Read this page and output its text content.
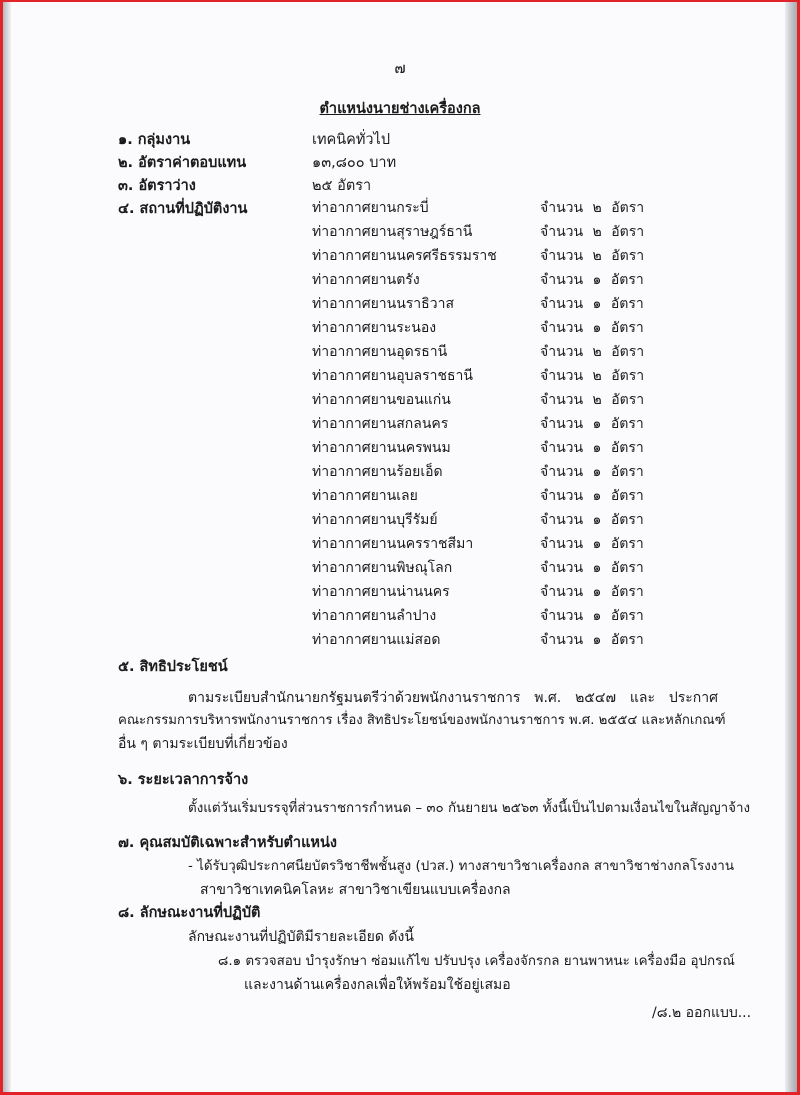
๗
ตำแหน่งนายช่างเครื่องกล
๑. กลุ่มงาน	เทคนิคทั่วไป
๒. อัตราค่าตอบแทน	๑๓,๘๐๐ บาท
๓. อัตราว่าง	๒๕ อัตรา
๔. สถานที่ปฏิบัติงาน	ท่าอากาศยานกระบี่	จำนวน ๒ อัตรา
ท่าอากาศยานสุราษฎร์ธานี	จำนวน ๒ อัตรา
ท่าอากาศยานนครศรีธรรมราช	จำนวน ๒ อัตรา
ท่าอากาศยานตรัง	จำนวน ๑ อัตรา
ท่าอากาศยานนราธิวาส	จำนวน ๑ อัตรา
ท่าอากาศยานระนอง	จำนวน ๑ อัตรา
ท่าอากาศยานอุดรธานี	จำนวน ๒ อัตรา
ท่าอากาศยานอุบลราชธานี	จำนวน ๒ อัตรา
ท่าอากาศยานขอนแก่น	จำนวน ๒ อัตรา
ท่าอากาศยานสกลนคร	จำนวน ๑ อัตรา
ท่าอากาศยานนครพนม	จำนวน ๑ อัตรา
ท่าอากาศยานร้อยเอ็ด	จำนวน ๑ อัตรา
ท่าอากาศยานเลย	จำนวน ๑ อัตรา
ท่าอากาศยานบุรีรัมย์	จำนวน ๑ อัตรา
ท่าอากาศยานนครราชสีมา	จำนวน ๑ อัตรา
ท่าอากาศยานพิษณุโลก	จำนวน ๑ อัตรา
ท่าอากาศยานน่านนคร	จำนวน ๑ อัตรา
ท่าอากาศยานลำปาง	จำนวน ๑ อัตรา
ท่าอากาศยานแม่สอด	จำนวน ๑ อัตรา
๕. สิทธิประโยชน์
ตามระเบียบสำนักนายกรัฐมนตรีว่าด้วยพนักงานราชการ พ.ศ. ๒๕๔๗ และ ประกาศ
คณะกรรมการบริหารพนักงานราชการ เรื่อง สิทธิประโยชน์ของพนักงานราชการ พ.ศ. ๒๕๕๔ และหลักเกณฑ์
อื่น ๆ ตามระเบียบที่เกี่ยวข้อง
๖. ระยะเวลาการจ้าง
ตั้งแต่วันเริ่มบรรจุที่ส่วนราชการกำหนด – ๓๐ กันยายน ๒๕๖๓ ทั้งนี้เป็นไปตามเงื่อนไขในสัญญาจ้าง
๗. คุณสมบัติเฉพาะสำหรับตำแหน่ง
- ได้รับวุฒิประกาศนียบัตรวิชาชีพชั้นสูง (ปวส.) ทางสาขาวิชาเครื่องกล สาขาวิชาช่างกลโรงงาน
สาขาวิชาเทคนิคโลหะ สาขาวิชาเขียนแบบเครื่องกล
๘. ลักษณะงานที่ปฏิบัติ
ลักษณะงานที่ปฏิบัติมีรายละเอียด ดังนี้
๘.๑ ตรวจสอบ บำรุงรักษา ซ่อมแก้ไข ปรับปรุง เครื่องจักรกล ยานพาหนะ เครื่องมือ อุปกรณ์
และงานด้านเครื่องกลเพื่อให้พร้อมใช้อยู่เสมอ
/๘.๒ ออกแบบ...
